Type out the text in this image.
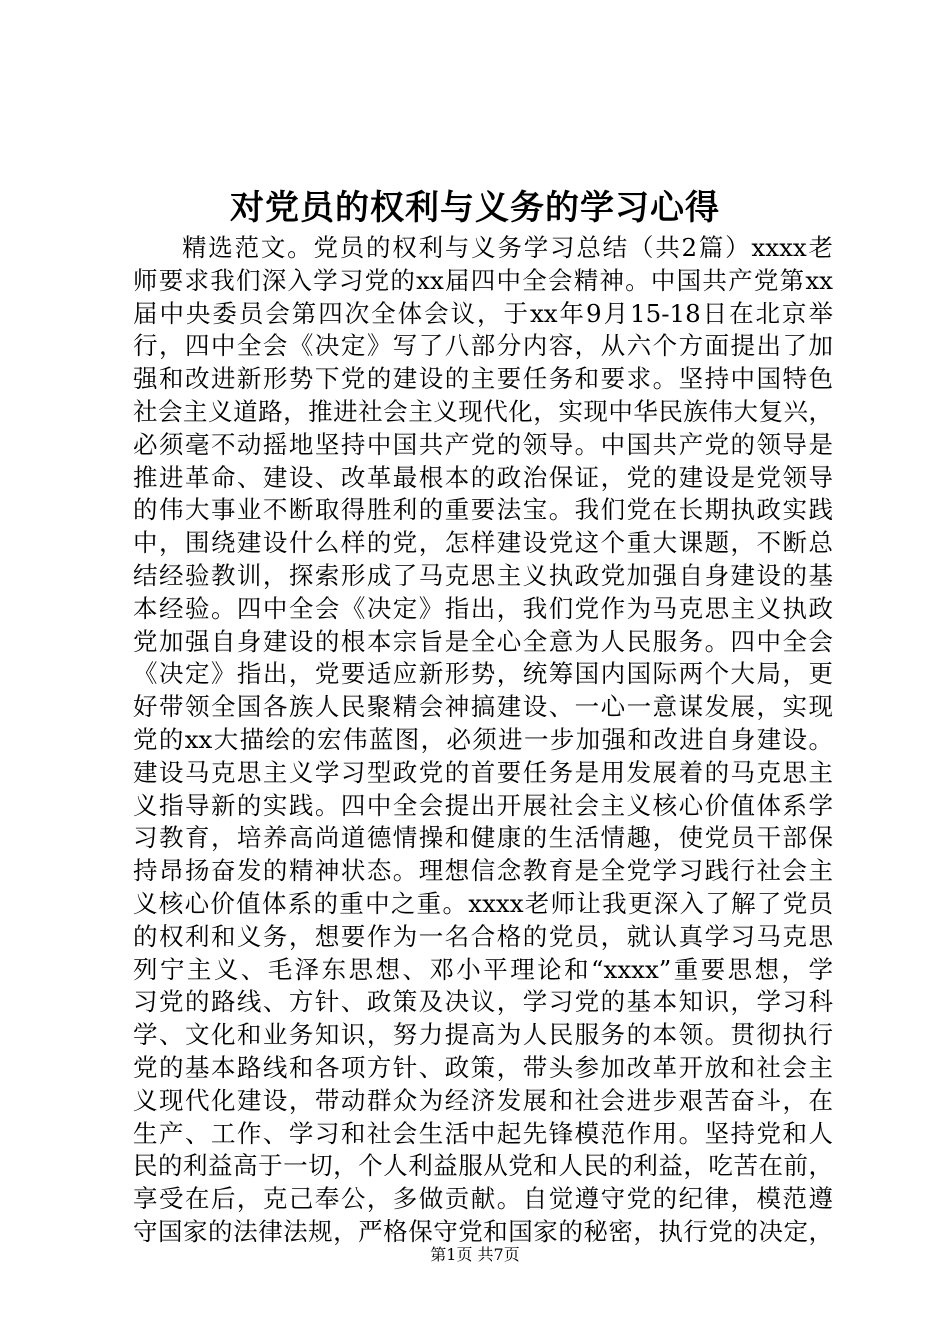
对党员的权利与义务的学习心得
精选范文。党员的权利与义务学习总结（共2篇）xxxx老
师要求我们深入学习党的xx届四中全会精神。中国共产党第xx
届中央委员会第四次全体会议，于xx年9月15-18日在北京举
行，四中全会《决定》写了八部分内容，从六个方面提出了加
强和改进新形势下党的建设的主要任务和要求。坚持中国特色
社会主义道路，推进社会主义现代化，实现中华民族伟大复兴，
必须毫不动摇地坚持中国共产党的领导。中国共产党的领导是
推进革命、建设、改革最根本的政治保证，党的建设是党领导
的伟大事业不断取得胜利的重要法宝。我们党在长期执政实践
中，围绕建设什么样的党，怎样建设党这个重大课题，不断总
结经验教训，探索形成了马克思主义执政党加强自身建设的基
本经验。四中全会《决定》指出，我们党作为马克思主义执政
党加强自身建设的根本宗旨是全心全意为人民服务。四中全会
《决定》指出，党要适应新形势，统筹国内国际两个大局，更
好带领全国各族人民聚精会神搞建设、一心一意谋发展，实现
党的xx大描绘的宏伟蓝图，必须进一步加强和改进自身建设。
建设马克思主义学习型政党的首要任务是用发展着的马克思主
义指导新的实践。四中全会提出开展社会主义核心价值体系学
习教育，培养高尚道德情操和健康的生活情趣，使党员干部保
持昂扬奋发的精神状态。理想信念教育是全党学习践行社会主
义核心价值体系的重中之重。xxxx老师让我更深入了解了党员
的权利和义务，想要作为一名合格的党员，就认真学习马克思
列宁主义、毛泽东思想、邓小平理论和“xxxx”重要思想，学
习党的路线、方针、政策及决议，学习党的基本知识，学习科
学、文化和业务知识，努力提高为人民服务的本领。贯彻执行
党的基本路线和各项方针、政策，带头参加改革开放和社会主
义现代化建设，带动群众为经济发展和社会进步艰苦奋斗，在
生产、工作、学习和社会生活中起先锋模范作用。坚持党和人
民的利益高于一切，个人利益服从党和人民的利益，吃苦在前，
享受在后，克己奉公，多做贡献。自觉遵守党的纪律，模范遵
守国家的法律法规，严格保守党和国家的秘密，执行党的决定，
第1页 共7页
